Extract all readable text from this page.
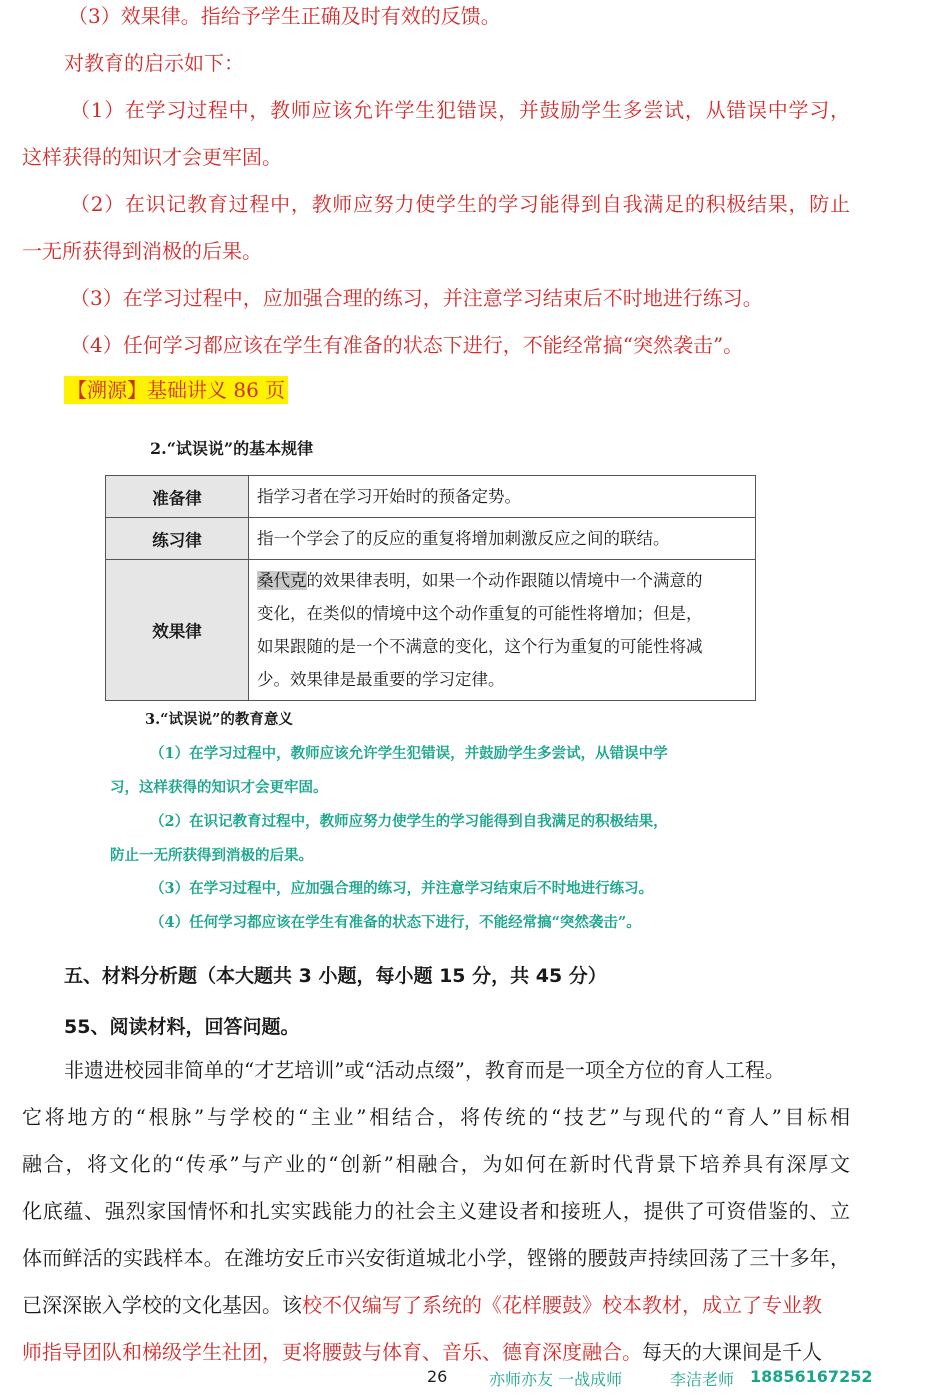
（3）效果律。指给予学生正确及时有效的反馈。
对教育的启示如下：
（1）在学习过程中，教师应该允许学生犯错误，并鼓励学生多尝试，从错误中学习，
这样获得的知识才会更牢固。
（2）在识记教育过程中，教师应努力使学生的学习能得到自我满足的积极结果，防止
一无所获得到消极的后果。
（3）在学习过程中，应加强合理的练习，并注意学习结束后不时地进行练习。
（4）任何学习都应该在学生有准备的状态下进行，不能经常搞“突然袭击”。
【溯源】基础讲义 86 页
2.“试误说”的基本规律
准备律	指学习者在学习开始时的预备定势。
练习律	指一个学会了的反应的重复将增加刺激反应之间的联结。
效果律	桑代克的效果律表明，如果一个动作跟随以情境中一个满意的
变化，在类似的情境中这个动作重复的可能性将增加；但是，
如果跟随的是一个不满意的变化，这个行为重复的可能性将减
少。效果律是最重要的学习定律。
3.“试误说”的教育意义
（1）在学习过程中，教师应该允许学生犯错误，并鼓励学生多尝试，从错误中学
习，这样获得的知识才会更牢固。
（2）在识记教育过程中，教师应努力使学生的学习能得到自我满足的积极结果，
防止一无所获得到消极的后果。
（3）在学习过程中，应加强合理的练习，并注意学习结束后不时地进行练习。
（4）任何学习都应该在学生有准备的状态下进行，不能经常搞“突然袭击”。
五、材料分析题（本大题共 3 小题，每小题 15 分，共 45 分）
55、阅读材料，回答问题。
非遗进校园非简单的“才艺培训”或“活动点缀”，教育而是一项全方位的育人工程。
它将地方的“根脉”与学校的“主业”相结合，将传统的“技艺”与现代的“育人”目标相
融合，将文化的“传承”与产业的“创新”相融合，为如何在新时代背景下培养具有深厚文
化底蕴、强烈家国情怀和扎实实践能力的社会主义建设者和接班人，提供了可资借鉴的、立
体而鲜活的实践样本。在潍坊安丘市兴安街道城北小学，铿锵的腰鼓声持续回荡了三十多年，
已深深嵌入学校的文化基因。该校不仅编写了系统的《花样腰鼓》校本教材，成立了专业教
师指导团队和梯级学生社团，更将腰鼓与体育、音乐、德育深度融合。每天的大课间是千人
26	亦师亦友 一战成师	李洁老师 18856167252
